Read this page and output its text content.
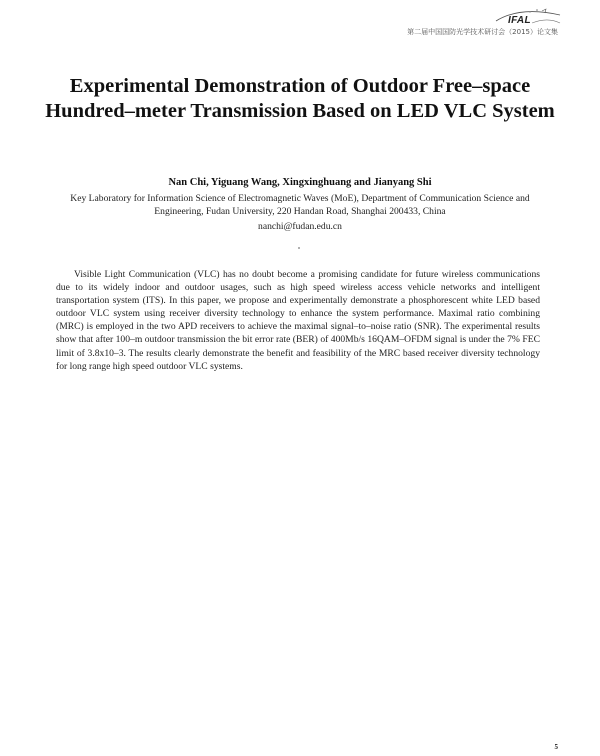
IFAL
第二届中国国防光学技术研讨会（2015）论文集
Experimental Demonstration of Outdoor Free–space Hundred–meter Transmission Based on LED VLC System
Nan Chi, Yiguang Wang, Xingxinghuang and Jianyang Shi
Key Laboratory for Information Science of Electromagnetic Waves (MoE), Department of Communication Science and Engineering, Fudan University, 220 Handan Road, Shanghai 200433, China
nanchi@fudan.edu.cn

Visible Light Communication (VLC) has no doubt become a promising candidate for future wireless communications due to its widely indoor and outdoor usages, such as high speed wireless access vehicle networks and intelligent transportation system (ITS). In this paper, we propose and experimentally demonstrate a phosphorescent white LED based outdoor VLC system using receiver diversity technology to enhance the system performance. Maximal ratio combining (MRC) is employed in the two APD receivers to achieve the maximal signal–to–noise ratio (SNR). The experimental results show that after 100–m outdoor transmission the bit error rate (BER) of 400Mb/s 16QAM–OFDM signal is under the 7% FEC limit of 3.8x10–3. The results clearly demonstrate the benefit and feasibility of the MRC based receiver diversity technology for long range high speed outdoor VLC systems.

5
